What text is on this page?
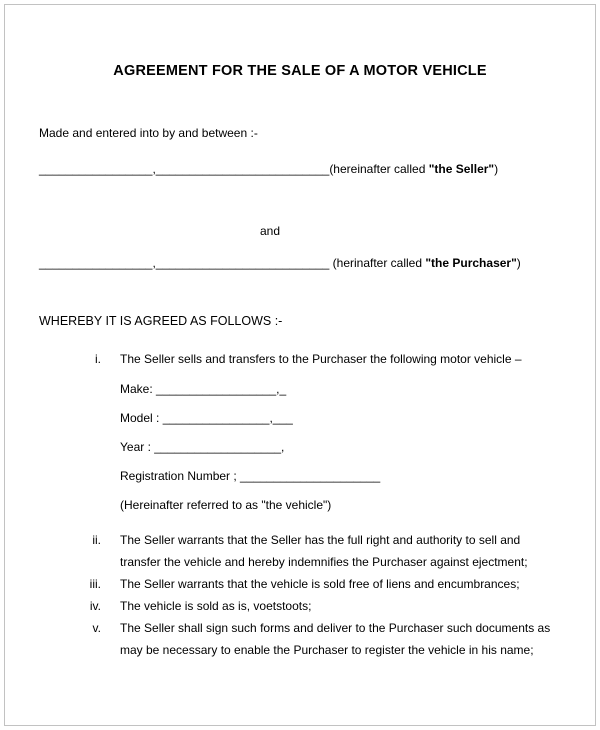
AGREEMENT FOR THE SALE OF A MOTOR VEHICLE

Made and entered into by and between :-

_________________,__________________________(hereinafter called "the Seller")

and

_________________,__________________________ (herinafter called "the Purchaser")

WHEREBY IT IS AGREED AS FOLLOWS :-

i. The Seller sells and transfers to the Purchaser the following motor vehicle –

Make: __________________,_

Model : ________________,___

Year : ___________________,

Registration Number ; _____________________

(Hereinafter referred to as "the vehicle")

ii. The Seller warrants that the Seller has the full right and authority to sell and transfer the vehicle and hereby indemnifies the Purchaser against ejectment;
iii. The Seller warrants that the vehicle is sold free of liens and encumbrances;
iv. The vehicle is sold as is, voetstoots;
v. The Seller shall sign such forms and deliver to the Purchaser such documents as may be necessary to enable the Purchaser to register the vehicle in his name;
